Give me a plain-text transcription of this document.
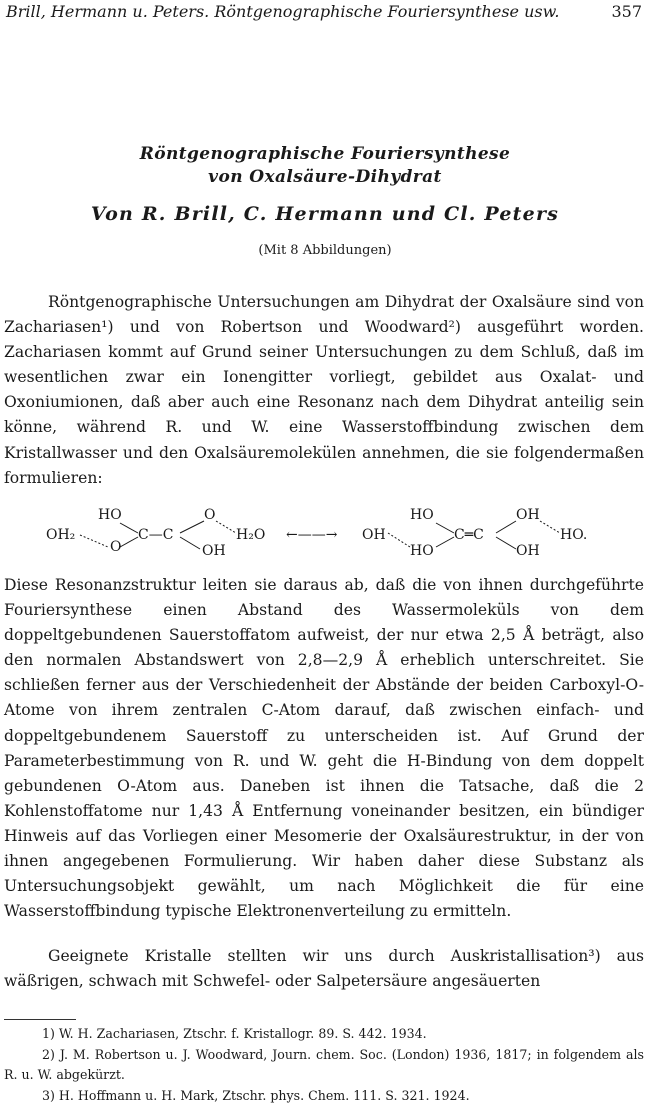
Brill, Hermann u. Peters. Röntgenographische Fouriersynthese usw.	357
Röntgenographische Fouriersynthese
von Oxalsäure-Dihydrat
Von R. Brill, C. Hermann und Cl. Peters
(Mit 8 Abbildungen)
Röntgenographische Untersuchungen am Dihydrat der Oxalsäure sind von Zachariasen¹) und von Robertson und Woodward²) ausgeführt worden. Zachariasen kommt auf Grund seiner Untersuchungen zu dem Schluß, daß im wesentlichen zwar ein Ionengitter vorliegt, gebildet aus Oxalat- und Oxoniumionen, daß aber auch eine Resonanz nach dem Dihydrat anteilig sein könne, während R. und W. eine Wasserstoffbindung zwischen dem Kristallwasser und den Oxalsäuremolekülen annehmen, die sie folgendermaßen formulieren:
OH₂
HO
O
C—C
O
OH
H₂O ←——→ OH
HO
HO
C═C
OH
OH
HO.
Diese Resonanzstruktur leiten sie daraus ab, daß die von ihnen durchgeführte Fouriersynthese einen Abstand des Wassermoleküls von dem doppeltgebundenen Sauerstoffatom aufweist, der nur etwa 2,5 Å beträgt, also den normalen Abstandswert von 2,8—2,9 Å erheblich unterschreitet. Sie schließen ferner aus der Verschiedenheit der Abstände der beiden Carboxyl-O-Atome von ihrem zentralen C-Atom darauf, daß zwischen einfach- und doppeltgebundenem Sauerstoff zu unterscheiden ist. Auf Grund der Parameterbestimmung von R. und W. geht die H-Bindung von dem doppelt gebundenen O-Atom aus. Daneben ist ihnen die Tatsache, daß die 2 Kohlenstoffatome nur 1,43 Å Entfernung voneinander besitzen, ein bündiger Hinweis auf das Vorliegen einer Mesomerie der Oxalsäurestruktur, in der von ihnen angegebenen Formulierung. Wir haben daher diese Substanz als Untersuchungsobjekt gewählt, um nach Möglichkeit die für eine Wasserstoffbindung typische Elektronenverteilung zu ermitteln.
Geeignete Kristalle stellten wir uns durch Auskristallisation³) aus wäßrigen, schwach mit Schwefel- oder Salpetersäure angesäuerten
1) W. H. Zachariasen, Ztschr. f. Kristallogr. 89. S. 442. 1934.
2) J. M. Robertson u. J. Woodward, Journ. chem. Soc. (London) 1936, 1817; in folgendem als R. u. W. abgekürzt.
3) H. Hoffmann u. H. Mark, Ztschr. phys. Chem. 111. S. 321. 1924.
